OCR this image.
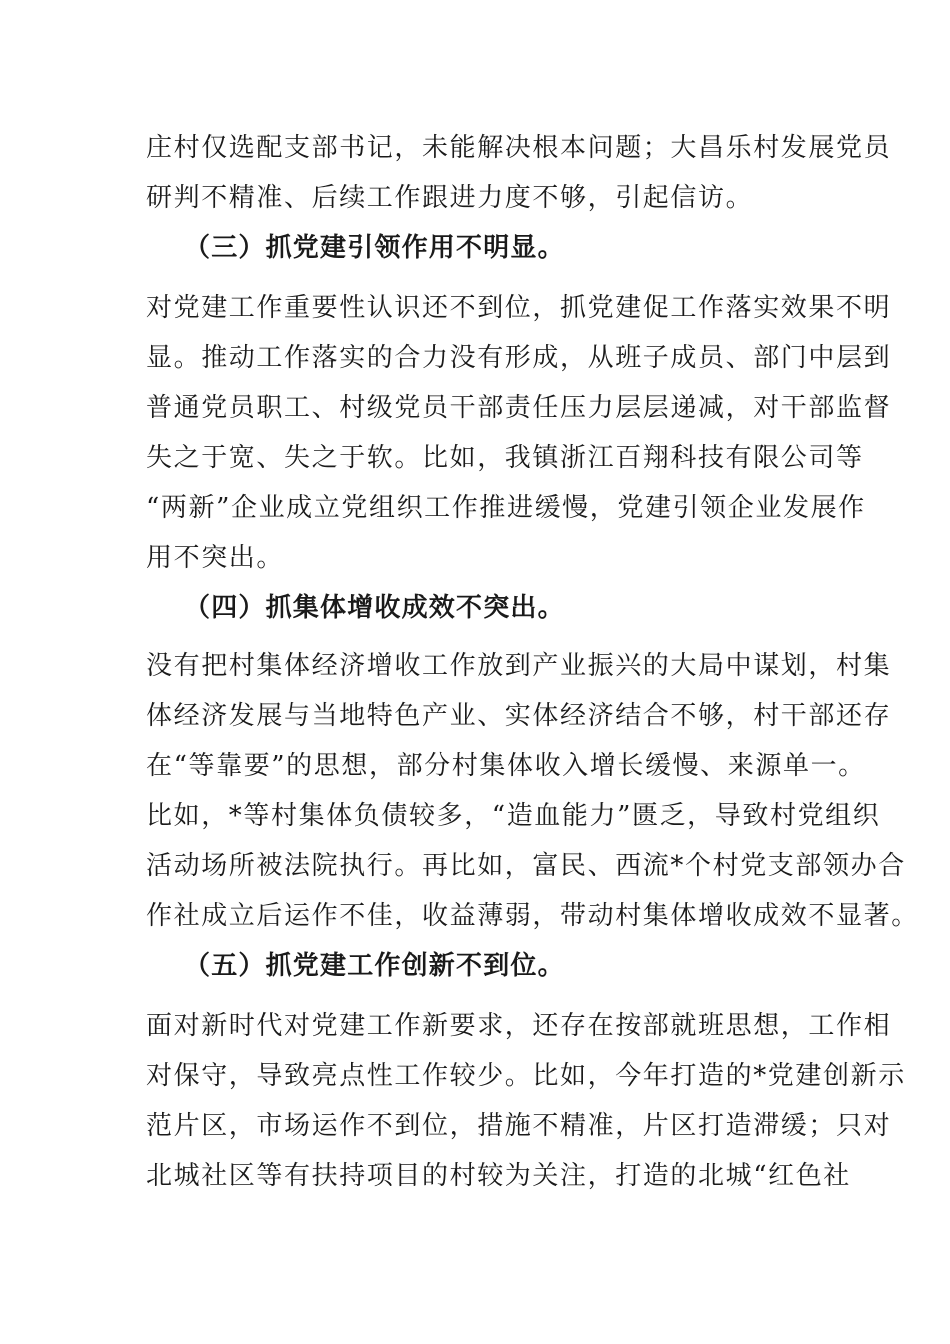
庄村仅选配支部书记，未能解决根本问题；大昌乐村发展党员
研判不精准、后续工作跟进力度不够，引起信访。
（三）抓党建引领作用不明显。
对党建工作重要性认识还不到位，抓党建促工作落实效果不明
显。推动工作落实的合力没有形成，从班子成员、部门中层到
普通党员职工、村级党员干部责任压力层层递减，对干部监督
失之于宽、失之于软。比如，我镇浙江百翔科技有限公司等
“两新”企业成立党组织工作推进缓慢，党建引领企业发展作
用不突出。
（四）抓集体增收成效不突出。
没有把村集体经济增收工作放到产业振兴的大局中谋划，村集
体经济发展与当地特色产业、实体经济结合不够，村干部还存
在“等靠要”的思想，部分村集体收入增长缓慢、来源单一。
比如，*等村集体负债较多，“造血能力”匮乏，导致村党组织
活动场所被法院执行。再比如，富民、西流*个村党支部领办合
作社成立后运作不佳，收益薄弱，带动村集体增收成效不显著。
（五）抓党建工作创新不到位。
面对新时代对党建工作新要求，还存在按部就班思想，工作相
对保守，导致亮点性工作较少。比如，今年打造的*党建创新示
范片区，市场运作不到位，措施不精准，片区打造滞缓；只对
北城社区等有扶持项目的村较为关注，打造的北城“红色社
